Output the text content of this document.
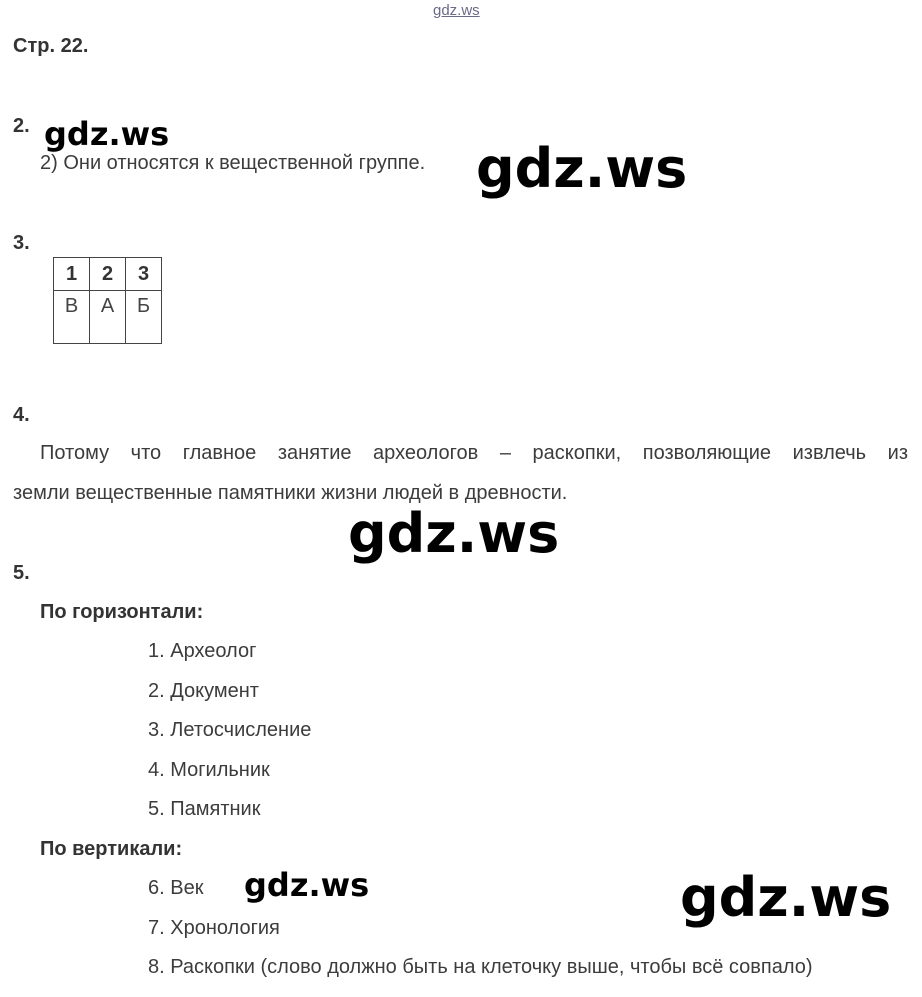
gdz.ws
Стр. 22.
2.
2) Они относятся к вещественной группе.
3.
1	2	3
В	А	Б
4.
Потому что главное занятие археологов – раскопки, позволяющие извлечь из
земли вещественные памятники жизни людей в древности.
5.
По горизонтали:
1. Археолог
2. Документ
3. Летосчисление
4. Могильник
5. Памятник
По вертикали:
6. Век
7. Хронология
8. Раскопки (слово должно быть на клеточку выше, чтобы всё совпало)
gdz.ws
gdz.ws
gdz.ws
gdz.ws	gdz.ws
